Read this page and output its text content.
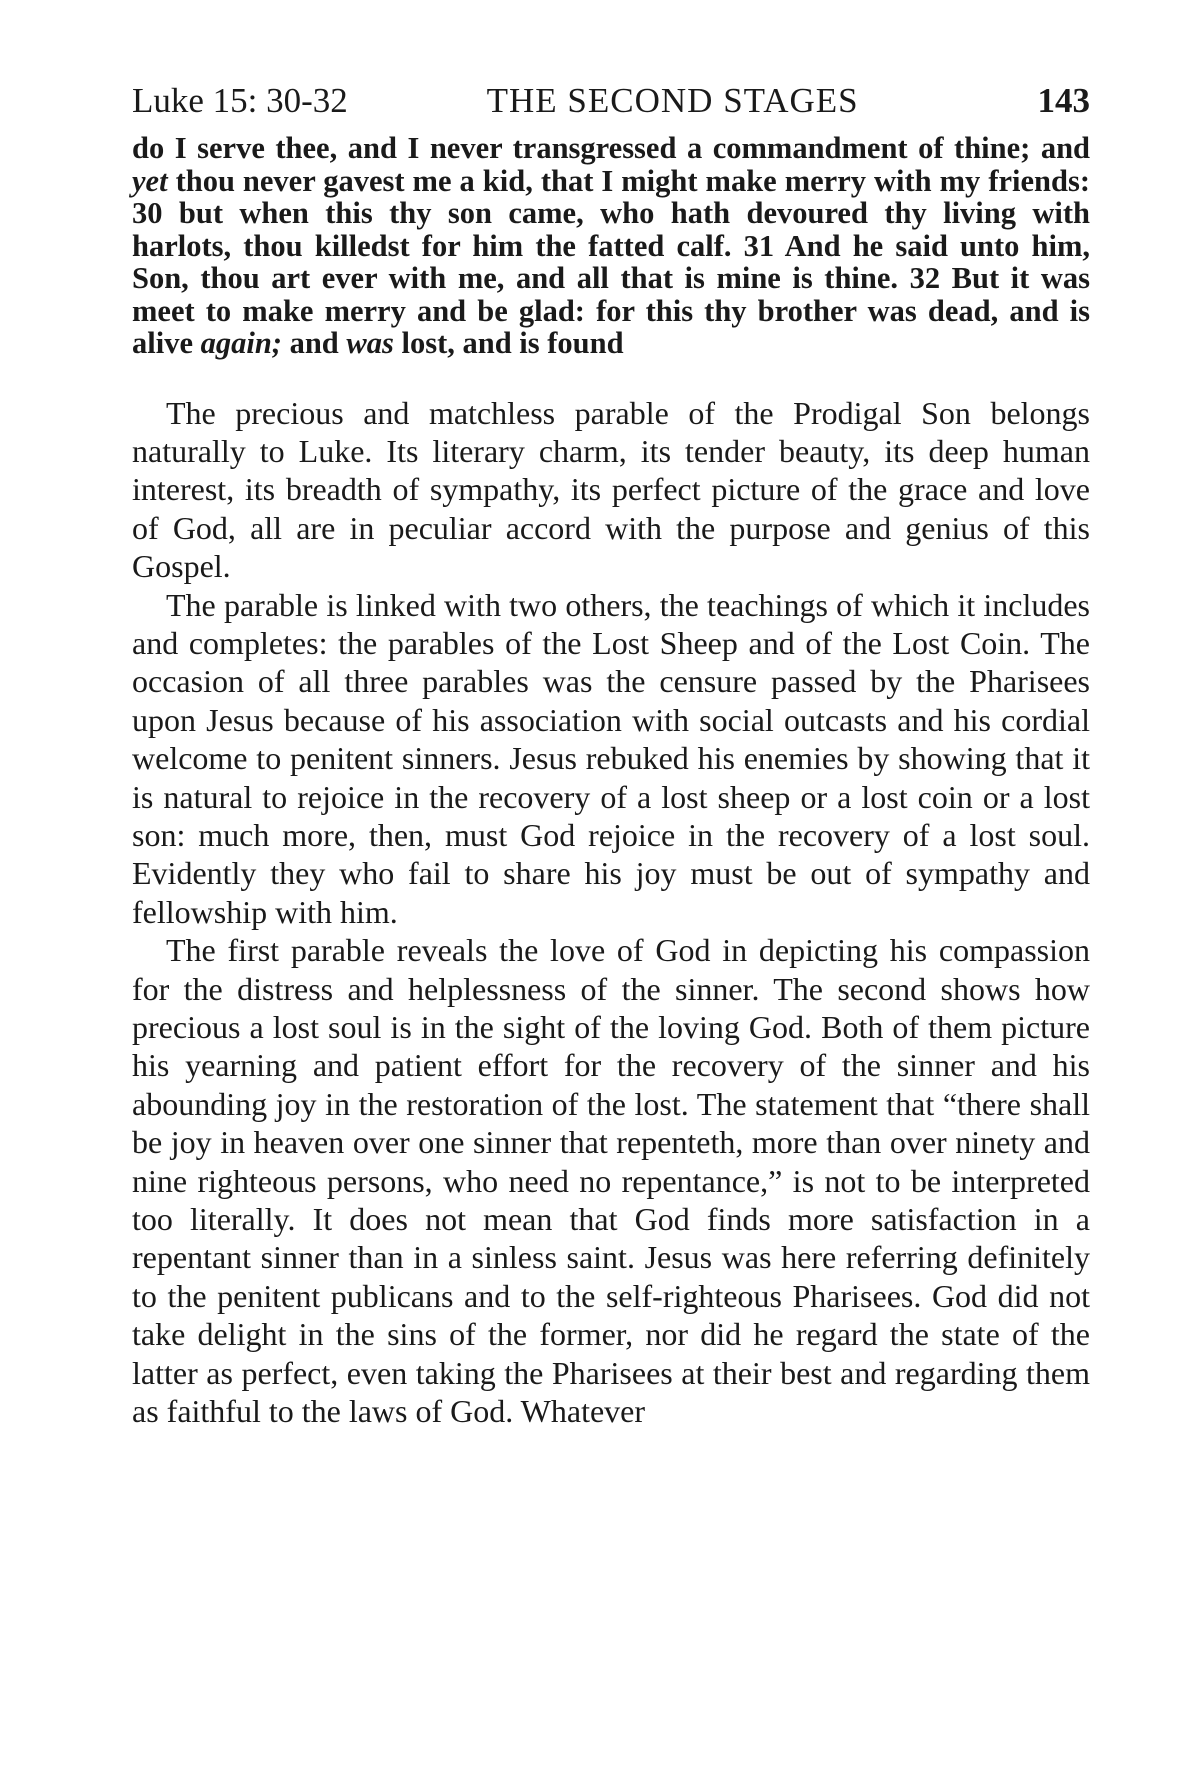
Luke 15: 30-32	THE SECOND STAGES	143
do I serve thee, and I never transgressed a commandment of thine; and yet thou never gavest me a kid, that I might make merry with my friends: 30 but when this thy son came, who hath devoured thy living with harlots, thou killedst for him the fatted calf. 31 And he said unto him, Son, thou art ever with me, and all that is mine is thine. 32 But it was meet to make merry and be glad: for this thy brother was dead, and is alive again; and was lost, and is found

The precious and matchless parable of the Prodigal Son belongs naturally to Luke. Its literary charm, its tender beauty, its deep human interest, its breadth of sympathy, its perfect picture of the grace and love of God, all are in peculiar accord with the purpose and genius of this Gospel.

The parable is linked with two others, the teachings of which it includes and completes: the parables of the Lost Sheep and of the Lost Coin. The occasion of all three parables was the censure passed by the Pharisees upon Jesus because of his association with social outcasts and his cordial welcome to penitent sinners. Jesus rebuked his enemies by showing that it is natural to rejoice in the recovery of a lost sheep or a lost coin or a lost son: much more, then, must God rejoice in the recovery of a lost soul. Evidently they who fail to share his joy must be out of sympathy and fellowship with him.

The first parable reveals the love of God in depicting his compassion for the distress and helplessness of the sinner. The second shows how precious a lost soul is in the sight of the loving God. Both of them picture his yearning and patient effort for the recovery of the sinner and his abounding joy in the restoration of the lost. The statement that “there shall be joy in heaven over one sinner that repenteth, more than over ninety and nine righteous persons, who need no repentance,” is not to be interpreted too literally. It does not mean that God finds more satisfaction in a repentant sinner than in a sinless saint. Jesus was here referring definitely to the penitent publicans and to the self-righteous Pharisees. God did not take delight in the sins of the former, nor did he regard the state of the latter as perfect, even taking the Pharisees at their best and regarding them as faithful to the laws of God. Whatever
